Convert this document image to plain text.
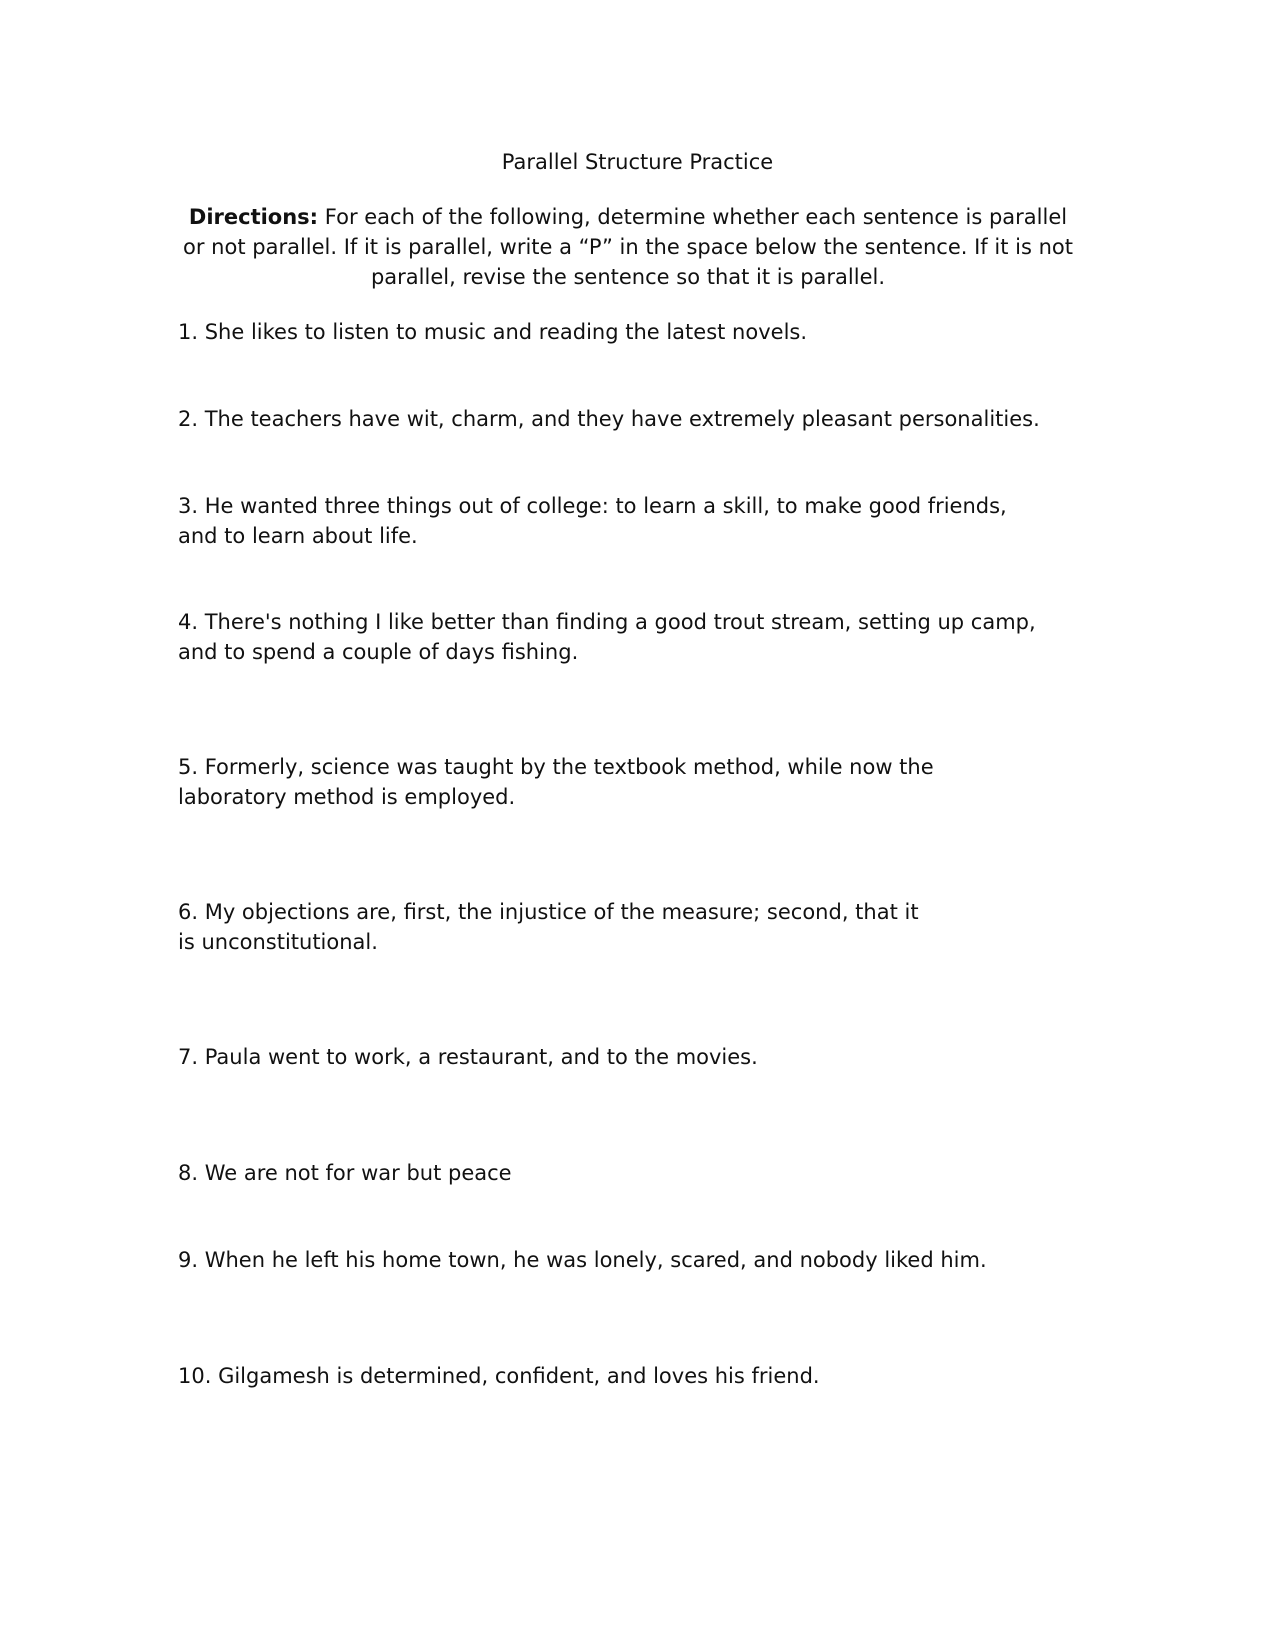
Parallel Structure Practice
Directions: For each of the following, determine whether each sentence is parallel or not parallel. If it is parallel, write a “P” in the space below the sentence. If it is not parallel, revise the sentence so that it is parallel.
1. She likes to listen to music and reading the latest novels.
2. The teachers have wit, charm, and they have extremely pleasant personalities.
3. He wanted three things out of college: to learn a skill, to make good friends, and to learn about life.
4. There's nothing I like better than finding a good trout stream, setting up camp, and to spend a couple of days fishing.
5. Formerly, science was taught by the textbook method, while now the laboratory method is employed.
6. My objections are, first, the injustice of the measure; second, that it is unconstitutional.
7. Paula went to work, a restaurant, and to the movies.
8. We are not for war but peace
9. When he left his home town, he was lonely, scared, and nobody liked him.
10. Gilgamesh is determined, confident, and loves his friend.
